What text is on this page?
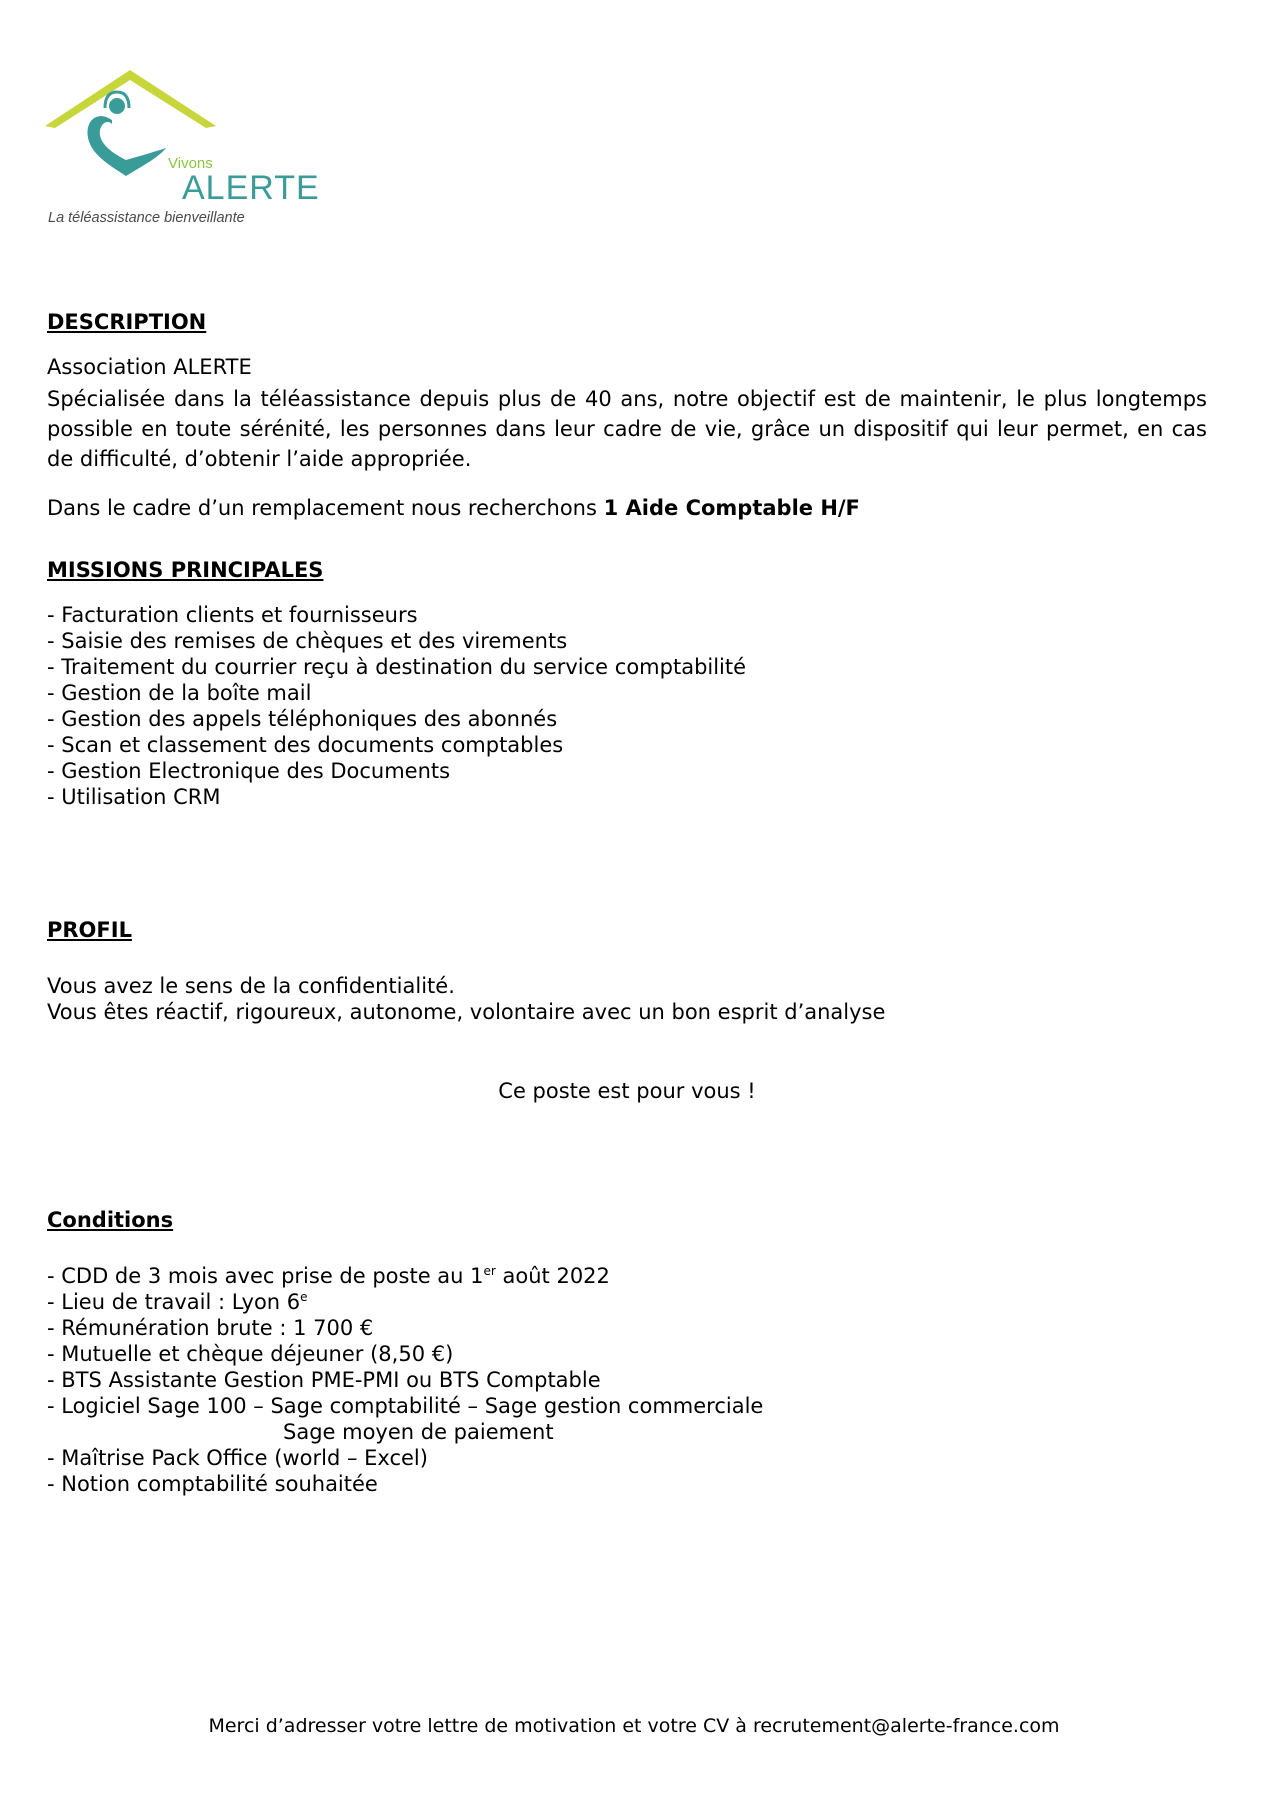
Vivons
ALERTE
La téléassistance bienveillante
DESCRIPTION
Association ALERTE
Spécialisée dans la téléassistance depuis plus de 40 ans, notre objectif est de maintenir, le plus longtemps possible en toute sérénité, les personnes dans leur cadre de vie, grâce un dispositif qui leur permet, en cas de difficulté, d’obtenir l’aide appropriée.
Dans le cadre d’un remplacement nous recherchons 1 Aide Comptable H/F
MISSIONS PRINCIPALES
- Facturation clients et fournisseurs
- Saisie des remises de chèques et des virements
- Traitement du courrier reçu à destination du service comptabilité
- Gestion de la boîte mail
- Gestion des appels téléphoniques des abonnés
- Scan et classement des documents comptables
- Gestion Electronique des Documents
- Utilisation CRM
PROFIL
Vous avez le sens de la confidentialité.
Vous êtes réactif, rigoureux, autonome, volontaire avec un bon esprit d’analyse
Ce poste est pour vous !
Conditions
- CDD de 3 mois avec prise de poste au 1er août 2022
- Lieu de travail : Lyon 6e
- Rémunération brute : 1 700 €
- Mutuelle et chèque déjeuner (8,50 €)
- BTS Assistante Gestion PME-PMI ou BTS Comptable
- Logiciel Sage 100 – Sage comptabilité – Sage gestion commerciale
Sage moyen de paiement
- Maîtrise Pack Office (world – Excel)
- Notion comptabilité souhaitée
Merci d’adresser votre lettre de motivation et votre CV à recrutement@alerte-france.com
